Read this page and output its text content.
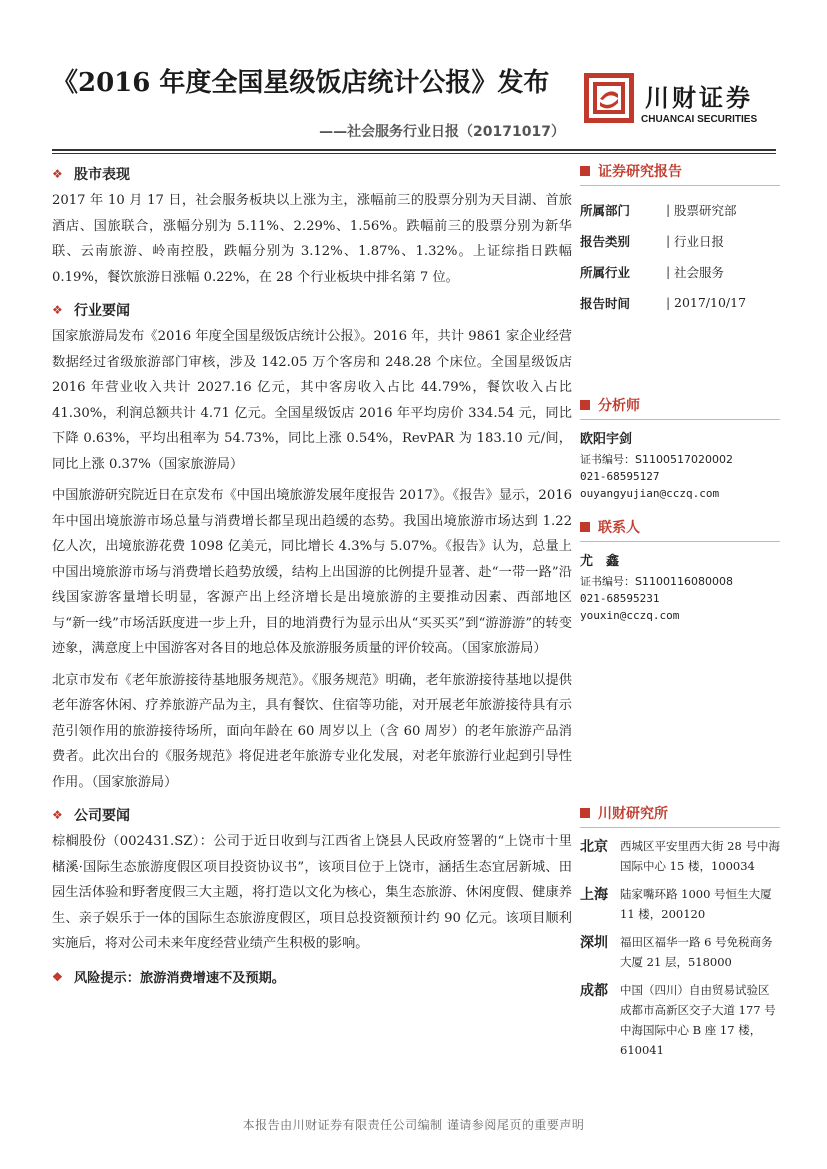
《2016 年度全国星级饭店统计公报》发布
——社会服务行业日报（20171017）
川财证券
CHUANCAI SECURITIES
❖ 股市表现

2017 年 10 月 17 日，社会服务板块以上涨为主，涨幅前三的股票分别为天目湖、首旅酒店、国旅联合，涨幅分别为 5.11%、2.29%、1.56%。跌幅前三的股票分别为新华联、云南旅游、岭南控股，跌幅分别为 3.12%、1.87%、1.32%。上证综指日跌幅 0.19%，餐饮旅游日涨幅 0.22%，在 28 个行业板块中排名第 7 位。

❖ 行业要闻

国家旅游局发布《2016 年度全国星级饭店统计公报》。2016 年，共计 9861 家企业经营数据经过省级旅游部门审核，涉及 142.05 万个客房和 248.28 个床位。全国星级饭店 2016 年营业收入共计 2027.16 亿元，其中客房收入占比 44.79%，餐饮收入占比 41.30%，利润总额共计 4.71 亿元。全国星级饭店 2016 年平均房价 334.54 元，同比下降 0.63%，平均出租率为 54.73%，同比上涨 0.54%，RevPAR 为 183.10 元/间，同比上涨 0.37%（国家旅游局）

中国旅游研究院近日在京发布《中国出境旅游发展年度报告 2017》。《报告》显示，2016 年中国出境旅游市场总量与消费增长都呈现出趋缓的态势。我国出境旅游市场达到 1.22 亿人次，出境旅游花费 1098 亿美元，同比增长 4.3%与 5.07%。《报告》认为，总量上中国出境旅游市场与消费增长趋势放缓，结构上出国游的比例提升显著、赴“一带一路”沿线国家游客量增长明显，客源产出上经济增长是出境旅游的主要推动因素、西部地区与“新一线”市场活跃度进一步上升，目的地消费行为显示出从“买买买”到“游游游”的转变迹象，满意度上中国游客对各目的地总体及旅游服务质量的评价较高。（国家旅游局）

北京市发布《老年旅游接待基地服务规范》。《服务规范》明确，老年旅游接待基地以提供老年游客休闲、疗养旅游产品为主，具有餐饮、住宿等功能，对开展老年旅游接待具有示范引领作用的旅游接待场所，面向年龄在 60 周岁以上（含 60 周岁）的老年旅游产品消费者。此次出台的《服务规范》将促进老年旅游专业化发展，对老年旅游行业起到引导性作用。（国家旅游局）

❖ 公司要闻

棕榈股份（002431.SZ）：公司于近日收到与江西省上饶县人民政府签署的“上饶市十里槠溪·国际生态旅游度假区项目投资协议书”，该项目位于上饶市，涵括生态宜居新城、田园生活体验和野奢度假三大主题，将打造以文化为核心，集生态旅游、休闲度假、健康养生、亲子娱乐于一体的国际生态旅游度假区，项目总投资额预计约 90 亿元。该项目顺利实施后，将对公司未来年度经营业绩产生积极的影响。

❖ 风险提示： 旅游消费增速不及预期。
证券研究报告
所属部门	| 股票研究部
报告类别	| 行业日报
所属行业	| 社会服务
报告时间	| 2017/10/17
分析师
欧阳宇剑
证书编号：S1100517020002
021-68595127
ouyangyujian@cczq.com
联系人
尤　鑫
证书编号：S1100116080008
021-68595231
youxin@cczq.com
川财研究所
北京	西城区平安里西大街 28 号中海国际中心 15 楼，100034
上海	陆家嘴环路 1000 号恒生大厦 11 楼，200120
深圳	福田区福华一路 6 号免税商务大厦 21 层，518000
成都	中国（四川）自由贸易试验区成都市高新区交子大道 177 号中海国际中心 B 座 17 楼，610041
本报告由川财证券有限责任公司编制 谨请参阅尾页的重要声明
